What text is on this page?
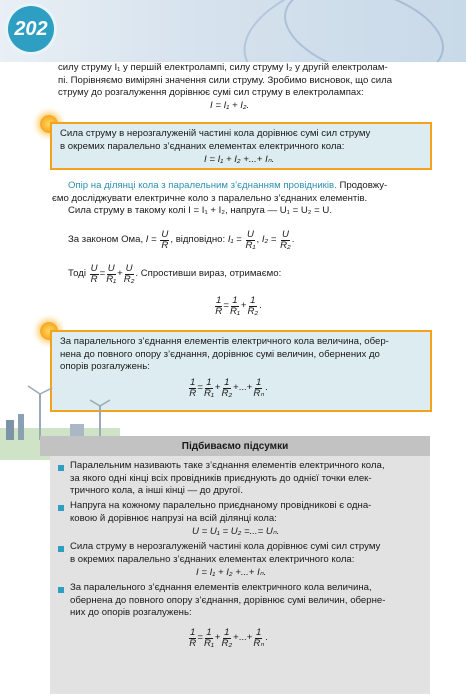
202
силу струму I₁ у першій електролампі, силу струму I₂ у другій електролам-
пі. Порівняємо виміряні значення сили струму. Зробимо висновок, що сила
струму до розгалуження дорівнює сумі сил струму в електролампах:
I = I₁ + I₂.
Сила струму в нерозгалуженій частині кола дорівнює сумі сил струму
в окремих паралельно з’єднаних елементах електричного кола:
I = I₁ + I₂ +...+ Iₙ.
Опір на ділянці кола з паралельним з’єднанням провідників. Продовжу-
ємо досліджувати електричне коло з паралельно з’єднаних елементів.
Сила струму в такому колі I = I₁ + I₂, напруга — U₁ = U₂ = U.
За законом Ома,
I
=
$\frac{U}{R}$ , відповідно:
I₁
=
$\frac{U}{\text{R₁}}$ ,
I₂
=
$\frac{U}{\text{R₂}}$ .
Тоді
$\frac{U}{R} = \frac{U}{\text{R₁}} + \frac{U}{\text{R₂}}$ . Спростивши вираз, отримаємо:
$\frac{1}{R} = \frac{1}{\text{R₁}} + \frac{1}{\text{R₂}}$ .
За паралельного з’єднання елементів електричного кола величина, обер-
нена до повного опору з’єднання, дорівнює сумі величин, обернених до
опорів розгалужень:
$\frac{1}{R} = \frac{1}{\text{R₁}} + \frac{1}{\text{R₂}}$ +...+ $\frac{1}{\text{Rₙ}}$ .
Підбиваємо підсумки
Паралельним називають таке з’єднання елементів електричного кола,
за якого одні кінці всіх провідників приєднують до однієї точки елек-
тричного кола, а інші кінці — до другої.
Напруга на кожному паралельно приєднаному провідникові є одна-
ковою й дорівнює напрузі на всій ділянці кола:
U = U₁ = U₂ =...= Uₙ.
Сила струму в нерозгалуженій частині кола дорівнює сумі сил струму
в окремих паралельно з’єднаних елементах електричного кола:
I = I₁ + I₂ +...+ Iₙ.
За паралельного з’єднання елементів електричного кола величина,
обернена до повного опору з’єднання, дорівнює сумі величин, оберне-
них до опорів розгалужень:
$\frac{1}{R} = \frac{1}{\text{R₁}} + \frac{1}{\text{R₂}}$ +...+ $\frac{1}{\text{Rₙ}}$ .
